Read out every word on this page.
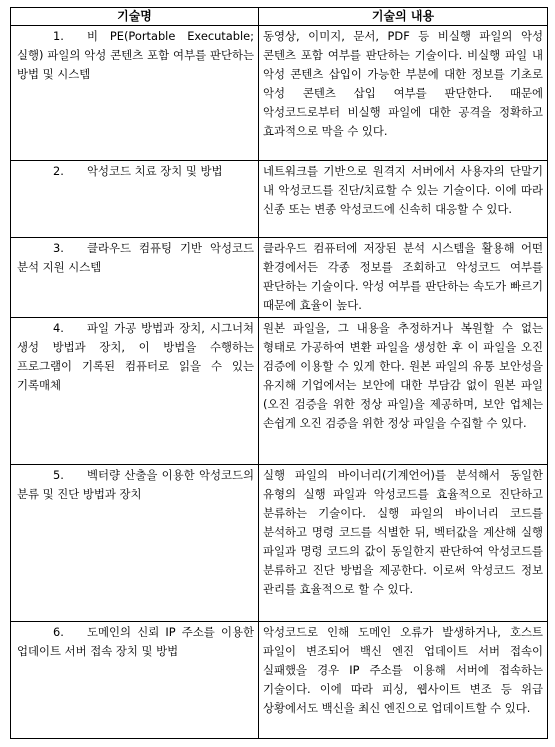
기술명	기술의 내용
1. 비 PE(Portable Executable; 실행) 파일의 악성 콘텐츠 포함 여부를 판단하는 방법 및 시스템	동영상, 이미지, 문서, PDF 등 비실행 파일의 악성 콘텐츠 포함 여부를 판단하는 기술이다. 비실행 파일 내 악성 콘텐츠 삽입이 가능한 부분에 대한 정보를 기초로 악성 콘텐츠 삽입 여부를 판단한다. 때문에 악성코드로부터 비실행 파일에 대한 공격을 정확하고 효과적으로 막을 수 있다.
2. 악성코드 치료 장치 및 방법	네트워크를 기반으로 원격지 서버에서 사용자의 단말기 내 악성코드를 진단/치료할 수 있는 기술이다. 이에 따라 신종 또는 변종 악성코드에 신속히 대응할 수 있다.
3. 클라우드 컴퓨팅 기반 악성코드 분석 지원 시스템	클라우드 컴퓨터에 저장된 분석 시스템을 활용해 어떤 환경에서든 각종 정보를 조회하고 악성코드 여부를 판단하는 기술이다. 악성 여부를 판단하는 속도가 빠르기 때문에 효율이 높다.
4. 파일 가공 방법과 장치, 시그너쳐 생성 방법과 장치, 이 방법을 수행하는 프로그램이 기록된 컴퓨터로 읽을 수 있는 기록매체	원본 파일을, 그 내용을 추정하거나 복원할 수 없는 형태로 가공하여 변환 파일을 생성한 후 이 파일을 오진 검증에 이용할 수 있게 한다. 원본 파일의 유통 보안성을 유지해 기업에서는 보안에 대한 부담감 없이 원본 파일(오진 검증을 위한 정상 파일)을 제공하며, 보안 업체는 손쉽게 오진 검증을 위한 정상 파일을 수집할 수 있다.
5. 벡터량 산출을 이용한 악성코드의 분류 및 진단 방법과 장치	실행 파일의 바이너리(기계언어)를 분석해서 동일한 유형의 실행 파일과 악성코드를 효율적으로 진단하고 분류하는 기술이다. 실행 파일의 바이너리 코드를 분석하고 명령 코드를 식별한 뒤, 벡터값을 계산해 실행 파일과 명령 코드의 값이 동일한지 판단하여 악성코드를 분류하고 진단 방법을 제공한다. 이로써 악성코드 정보 관리를 효율적으로 할 수 있다.
6. 도메인의 신뢰 IP 주소를 이용한 업데이트 서버 접속 장치 및 방법	악성코드로 인해 도메인 오류가 발생하거나, 호스트 파일이 변조되어 백신 엔진 업데이트 서버 접속이 실패했을 경우 IP 주소를 이용해 서버에 접속하는 기술이다. 이에 따라 피싱, 웹사이트 변조 등 위급 상황에서도 백신을 최신 엔진으로 업데이트할 수 있다.
